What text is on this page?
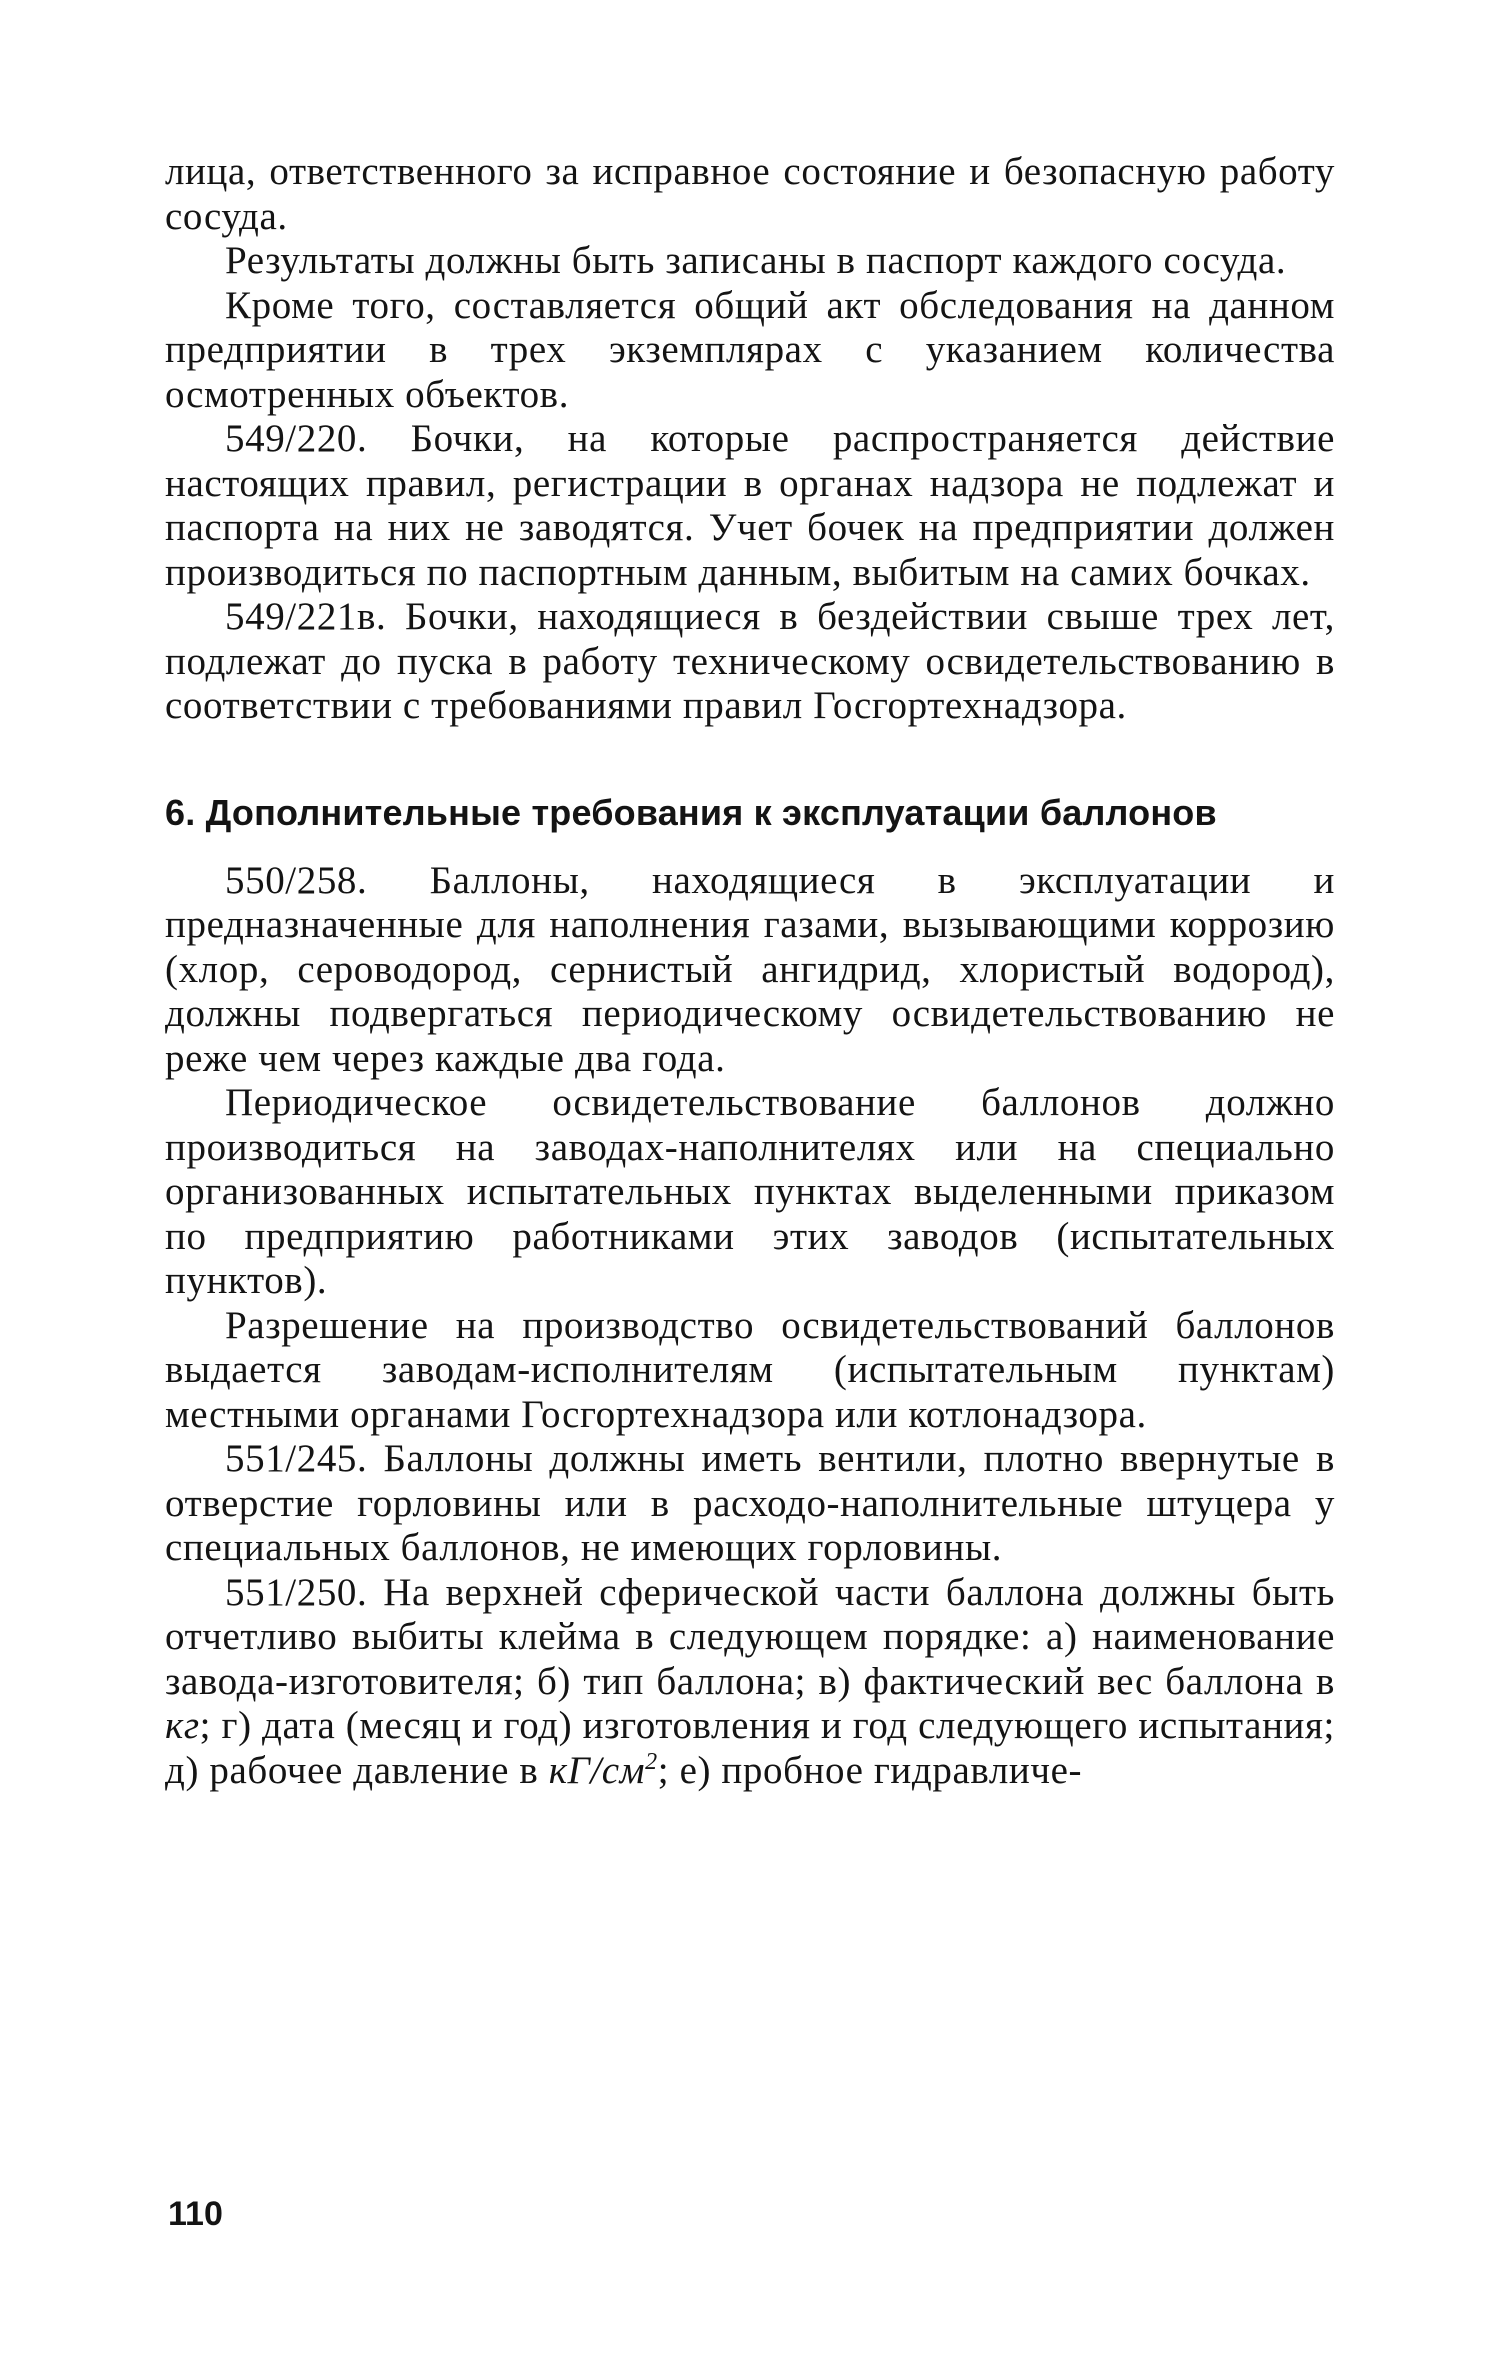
лица, ответственного за исправное состояние и безопасную работу сосуда.

Результаты должны быть записаны в паспорт каждого сосуда.

Кроме того, составляется общий акт обследования на данном предприятии в трех экземплярах с указанием количества осмотренных объектов.

549/220. Бочки, на которые распространяется действие настоящих правил, регистрации в органах надзора не подлежат и паспорта на них не заводятся. Учет бочек на предприятии должен производиться по паспортным данным, выбитым на самих бочках.

549/221в. Бочки, находящиеся в бездействии свыше трех лет, подлежат до пуска в работу техническому освидетельствованию в соответствии с требованиями правил Госгортехнадзора.

6. Дополнительные требования к эксплуатации баллонов

550/258. Баллоны, находящиеся в эксплуатации и предназначенные для наполнения газами, вызывающими коррозию (хлор, сероводород, сернистый ангидрид, хлористый водород), должны подвергаться периодическому освидетельствованию не реже чем через каждые два года.

Периодическое освидетельствование баллонов должно производиться на заводах-наполнителях или на специально организованных испытательных пунктах выделенными приказом по предприятию работниками этих заводов (испытательных пунктов).

Разрешение на производство освидетельствований баллонов выдается заводам-исполнителям (испытательным пунктам) местными органами Госгортехнадзора или котлонадзора.

551/245. Баллоны должны иметь вентили, плотно ввернутые в отверстие горловины или в расходо-наполнительные штуцера у специальных баллонов, не имеющих горловины.

551/250. На верхней сферической части баллона должны быть отчетливо выбиты клейма в следующем порядке: а) наименование завода-изготовителя; б) тип баллона; в) фактический вес баллона в кг; г) дата (месяц и год) изготовления и год следующего испытания; д) рабочее давление в $кГ/см^2$; е) пробное гидравличе-

110
